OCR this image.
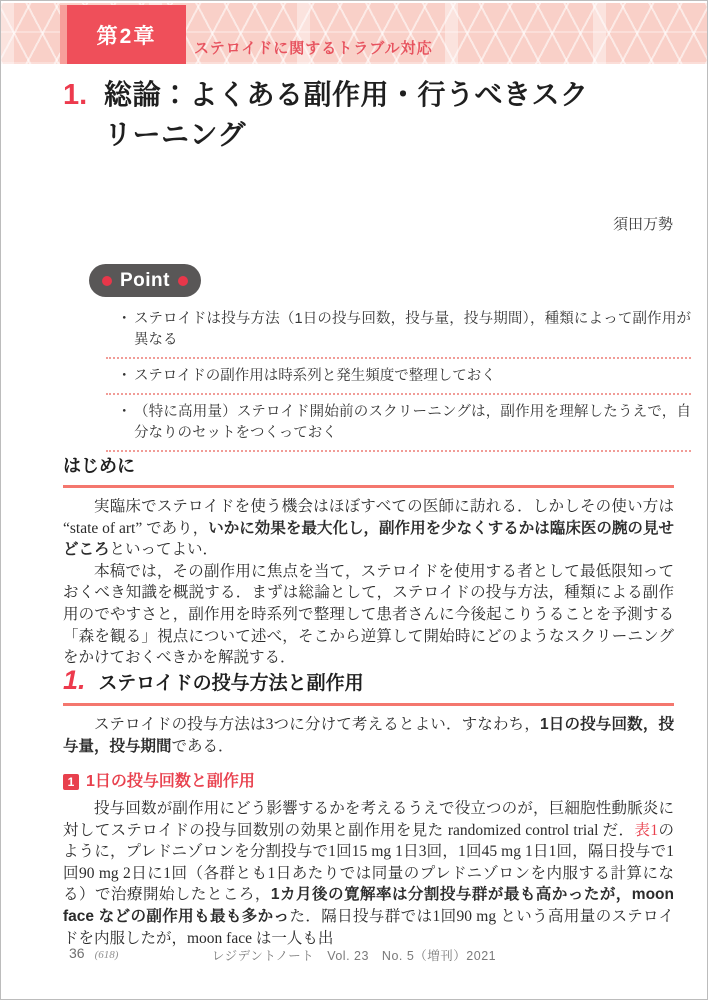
第2章
ステロイドに関するトラブル対応
1. 総論：よくある副作用・行うべきスクリーニング
須田万勢
Point
・ ステロイドは投与方法（1日の投与回数，投与量，投与期間），種類によって副作用が異なる
・ ステロイドの副作用は時系列と発生頻度で整理しておく
・ （特に高用量）ステロイド開始前のスクリーニングは，副作用を理解したうえで，自分なりのセットをつくっておく
はじめに

実臨床でステロイドを使う機会はほぼすべての医師に訪れる．しかしその使い方は “state of art” であり，いかに効果を最大化し，副作用を少なくするかは臨床医の腕の見せどころといってよい．

本稿では，その副作用に焦点を当て，ステロイドを使用する者として最低限知っておくべき知識を概説する．まずは総論として，ステロイドの投与方法，種類による副作用のでやすさと，副作用を時系列で整理して患者さんに今後起こりうることを予測する「森を観る」視点について述べ，そこから逆算して開始時にどのようなスクリーニングをかけておくべきかを解説する．

1. ステロイドの投与方法と副作用

ステロイドの投与方法は3つに分けて考えるとよい．すなわち，1日の投与回数，投与量，投与期間である．

1 1日の投与回数と副作用

投与回数が副作用にどう影響するかを考えるうえで役立つのが，巨細胞性動脈炎に対してステロイドの投与回数別の効果と副作用を見た randomized control trial だ．表1のように，プレドニゾロンを分割投与で1回15 mg 1日3回，1回45 mg 1日1回，隔日投与で1回90 mg 2日に1回（各群とも1日あたりでは同量のプレドニゾロンを内服する計算になる）で治療開始したところ，1カ月後の寛解率は分割投与群が最も高かったが，moon face などの副作用も最も多かった．隔日投与群では1回90 mg という高用量のステロイドを内服したが，moon face は一人も出

レジデントノート　Vol. 23　No. 5（増刊）2021
36 (618)
